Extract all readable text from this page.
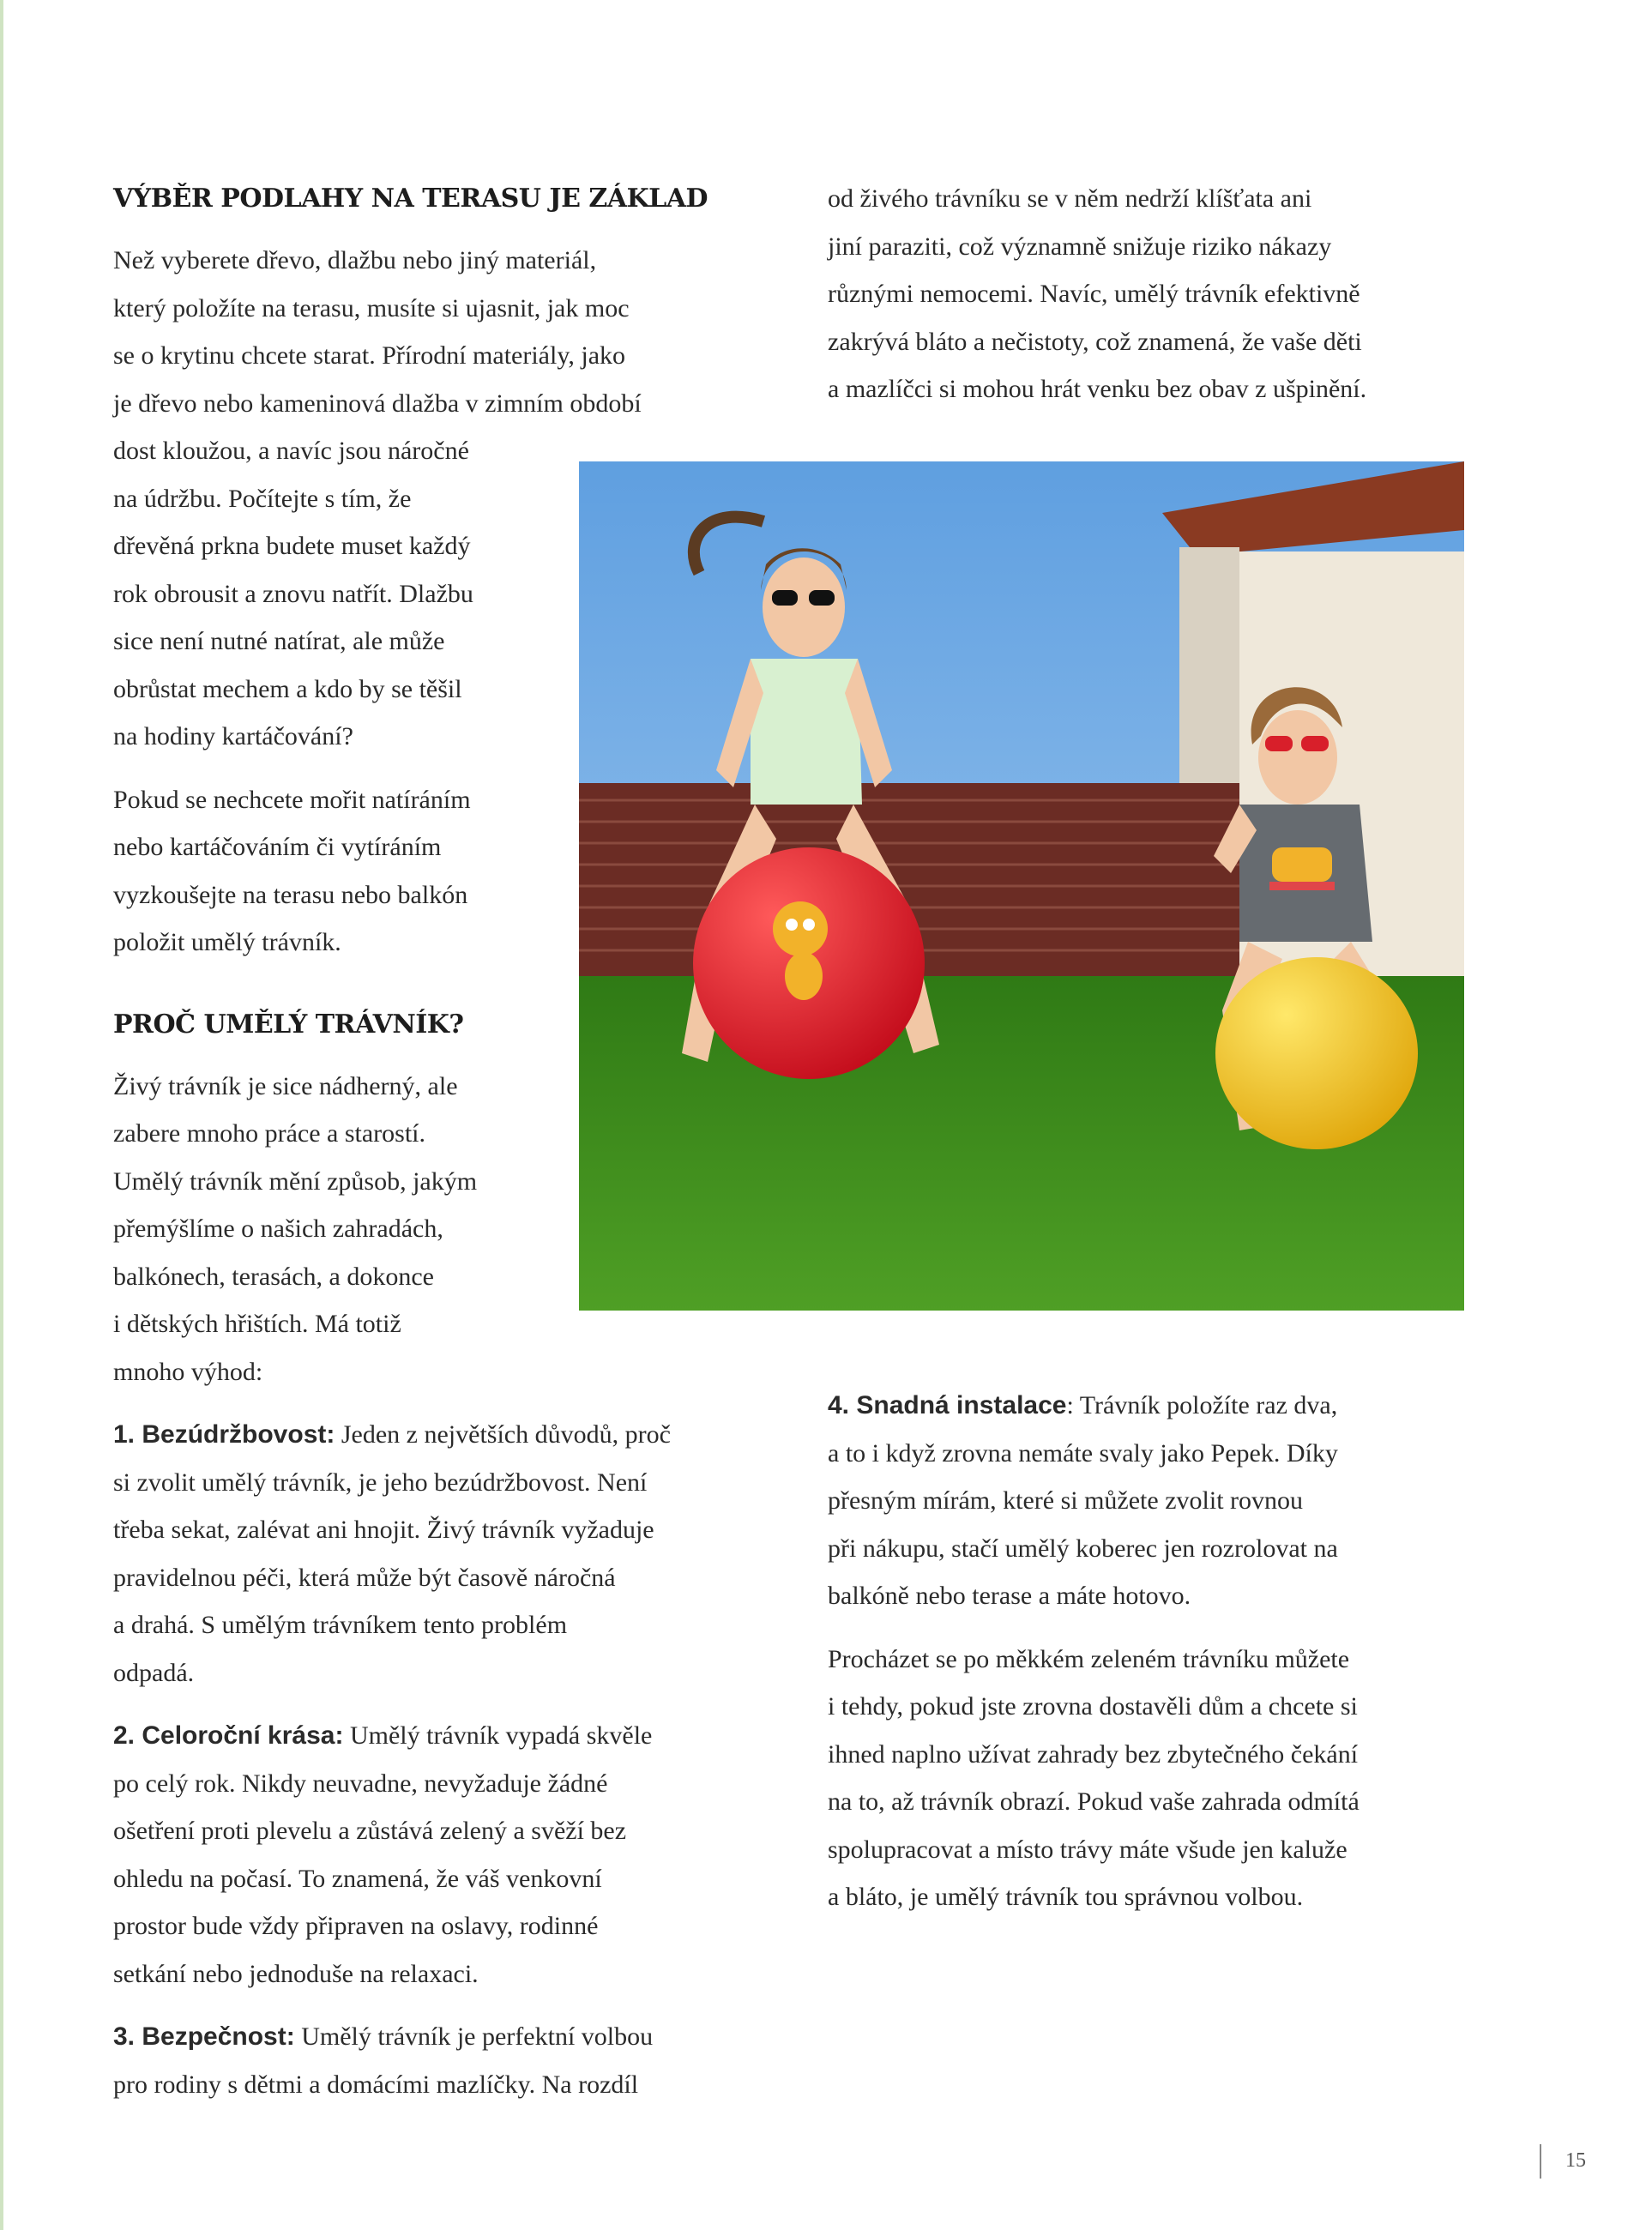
VÝBĚR PODLAHY NA TERASU JE ZÁKLAD

Než vyberete dřevo, dlažbu nebo jiný materiál,
který položíte na terasu, musíte si ujasnit, jak moc
se o krytinu chcete starat. Přírodní materiály, jako
je dřevo nebo kameninová dlažba v zimním období
dost kloužou, a navíc jsou náročné
na údržbu. Počítejte s tím, že
dřevěná prkna budete muset každý
rok obrousit a znovu natřít. Dlažbu
sice není nutné natírat, ale může
obrůstat mechem a kdo by se těšil
na hodiny kartáčování?

Pokud se nechcete mořit natíráním
nebo kartáčováním či vytíráním
vyzkoušejte na terasu nebo balkón
položit umělý trávník.

PROČ UMĚLÝ TRÁVNÍK?

Živý trávník je sice nádherný, ale
zabere mnoho práce a starostí.
Umělý trávník mění způsob, jakým
přemýšlíme o našich zahradách,
balkónech, terasách, a dokonce
i dětských hřištích. Má totiž
mnoho výhod:

1. Bezúdržbovost: Jeden z největších důvodů, proč
si zvolit umělý trávník, je jeho bezúdržbovost. Není
třeba sekat, zalévat ani hnojit. Živý trávník vyžaduje
pravidelnou péči, která může být časově náročná
a drahá. S umělým trávníkem tento problém
odpadá.

2. Celoroční krása: Umělý trávník vypadá skvěle
po celý rok. Nikdy neuvadne, nevyžaduje žádné
ošetření proti plevelu a zůstává zelený a svěží bez
ohledu na počasí. To znamená, že váš venkovní
prostor bude vždy připraven na oslavy, rodinné
setkání nebo jednoduše na relaxaci.

3. Bezpečnost: Umělý trávník je perfektní volbou
pro rodiny s dětmi a domácími mazlíčky. Na rozdíl

od živého trávníku se v něm nedrží klíšťata ani
jiní paraziti, což významně snižuje riziko nákazy
různými nemocemi. Navíc, umělý trávník efektivně
zakrývá bláto a nečistoty, což znamená, že vaše děti
a mazlíčci si mohou hrát venku bez obav z ušpinění.

4. Snadná instalace: Trávník položíte raz dva,
a to i když zrovna nemáte svaly jako Pepek. Díky
přesným mírám, které si můžete zvolit rovnou
při nákupu, stačí umělý koberec jen rozrolovat na
balkóně nebo terase a máte hotovo.

Procházet se po měkkém zeleném trávníku můžete
i tehdy, pokud jste zrovna dostavěli dům a chcete si
ihned naplno užívat zahrady bez zbytečného čekání
na to, až trávník obrazí. Pokud vaše zahrada odmítá
spolupracovat a místo trávy máte všude jen kaluže
a bláto, je umělý trávník tou správnou volbou.

15
